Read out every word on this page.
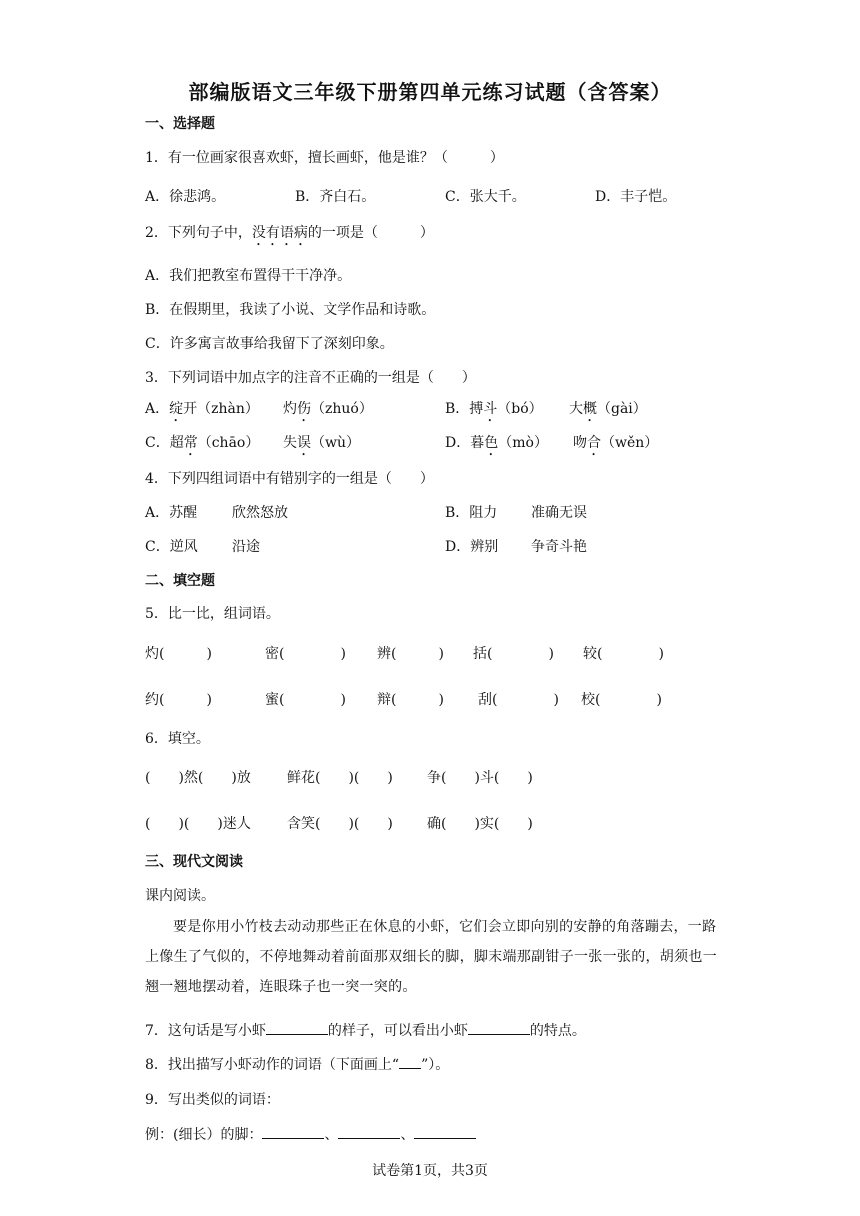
部编版语文三年级下册第四单元练习试题（含答案）
一、选择题
1．有一位画家很喜欢虾，擅长画虾，他是谁？（　　　）
A．徐悲鸿。	B．齐白石。	C．张大千。	D．丰子恺。
2．下列句子中，没有语病的一项是（　　　）
A．我们把教室布置得干干净净。
B．在假期里，我读了小说、文学作品和诗歌。
C．许多寓言故事给我留下了深刻印象。
3．下列词语中加点字的注音不正确的一组是（　　）
A．绽开（zhàn） 灼伤（zhuó）	B．搏斗（bó） 大概（gài）
C．超常（chāo） 失误（wù）	D．暮色（mò） 吻合（wěn）
4．下列四组词语中有错别字的一组是（　　）
A．苏醒 欣然怒放	B．阻力 准确无误
C．逆风 沿途	D．辨别 争奇斗艳
二、填空题
5．比一比，组词语。
灼(　　　)	密(　　　　) 辨(　　　) 括(　　　　) 较(　　　　)
约(　　　)	蜜(　　　　) 辩(　　　) 刮(　　　　) 校(　　　　)
6．填空。
(　　)然(　　)放	鲜花(　　)(　　) 争(　　)斗(　　)
(　　)(　　)迷人	含笑(　　)(　　) 确(　　)实(　　)
三、现代文阅读
课内阅读。
要是你用小竹枝去动动那些正在休息的小虾，它们会立即向别的安静的角落蹦去，一路上像生了气似的，不停地舞动着前面那双细长的脚，脚末端那副钳子一张一张的，胡须也一翘一翘地摆动着，连眼珠子也一突一突的。
7．这句话是写小虾	的样子，可以看出小虾	的特点。
8．找出描写小虾动作的词语（下面画上“ ”）。
9．写出类似的词语：
例：(细长）的脚：	、	、
试卷第1页，共3页
